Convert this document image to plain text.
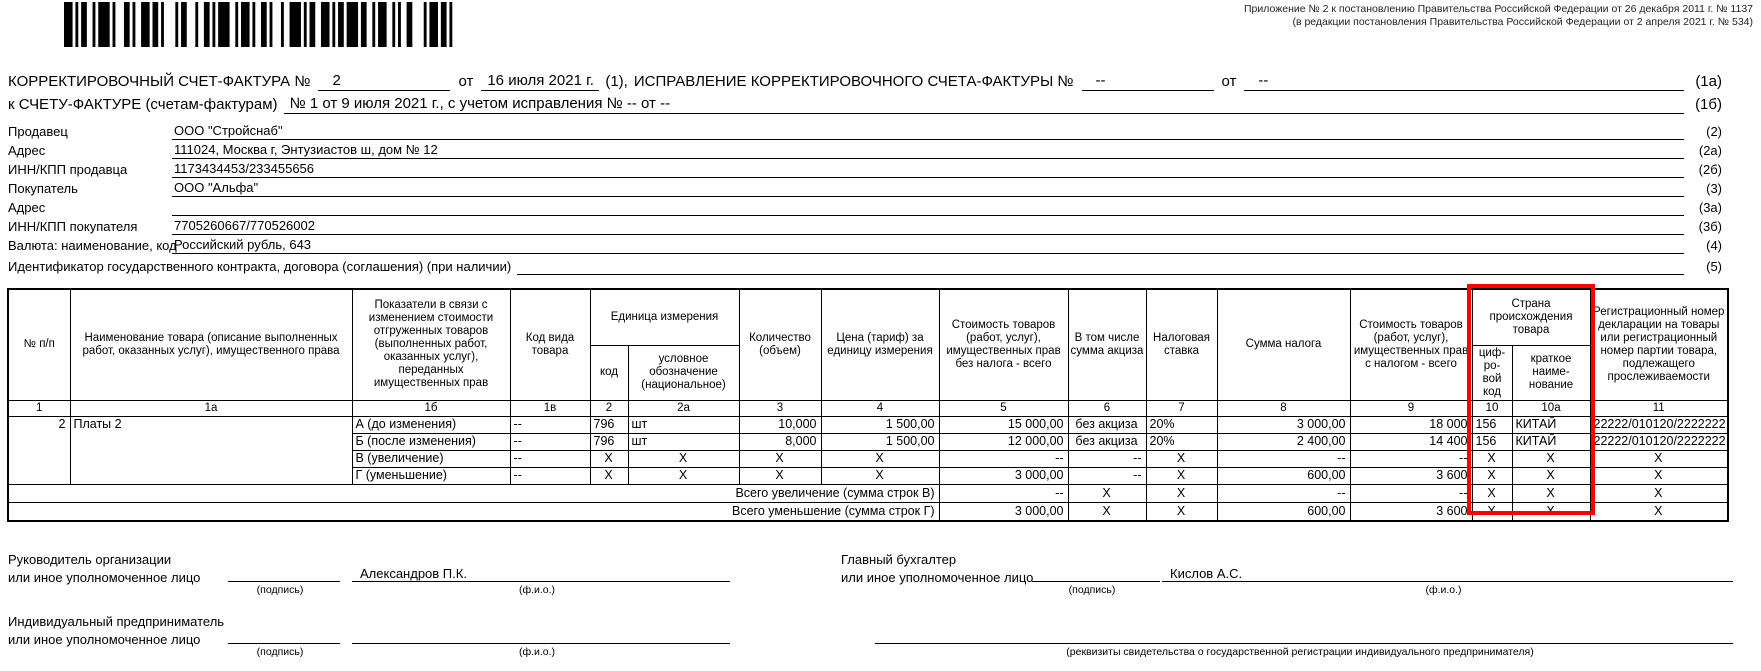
Приложение № 2 к постановлению Правительства Российской Федерации от 26 декабря 2011 г. № 1137
(в редакции постановления Правительства Российской Федерации от 2 апреля 2021 г. № 534)
КОРРЕКТИРОВОЧНЫЙ СЧЕТ-ФАКТУРА №	2	от 16 июля 2021 г. (1), ИСПРАВЛЕНИЕ КОРРЕКТИРОВОЧНОГО СЧЕТА-ФАКТУРЫ №	--	от	--	(1а)
к СЧЕТУ-ФАКТУРЕ (счетам-фактурам) № 1 от 9 июля 2021 г., с учетом исправления № -- от --	(1б)
Продавец	ООО "Стройснаб"	(2)
Адрес	111024, Москва г, Энтузиастов ш, дом № 12	(2а)
ИНН/КПП продавца	1173434453/233455656	(2б)
Покупатель	ООО "Альфа"	(3)
Адрес	(3а)
ИНН/КПП покупателя	7705260667/770526002	(3б)
Валюта: наименование, код
Российский рубль, 643	(4)
Идентификатор государственного контракта, договора (соглашения) (при наличии)	(5)
№ п/п	Наименование товара (описание выполненных работ, оказанных услуг), имущественного права	Показатели в связи с изменением стоимости отгруженных товаров (выполненных работ, оказанных услуг), переданных имущественных прав	Код вида товара	Единица измерения		Количество (объем)	Цена (тариф) за единицу измерения	Стоимость товаров (работ, услуг), имущественных прав без налога - всего	В том числе сумма акциза	Налоговая ставка	Сумма налога	Стоимость товаров (работ, услуг), имущественных прав с налогом - всего	Страна происхождения товара		Регистрационный номер декларации на товары или регистрационный номер партии товара, подлежащего прослеживаемости
				код	условное обозначение (национальное)								циф-ро-вой код	краткое наиме-нование	
1	1а	1б	1в	2	2а	3	4	5	6	7	8	9	10	10а	11
2	Платы 2	А (до изменения)	--	796	шт	10,000	1 500,00	15 000,00	без акциза	20%	3 000,00	18 000	156	КИТАЙ	22222/010120/2222222
		Б (после изменения)	--	796	шт	8,000	1 500,00	12 000,00	без акциза	20%	2 400,00	14 400	156	КИТАЙ	22222/010120/2222222
		В (увеличение)	--	X	X	X	X	--	--	X	--	--	X	X	X
		Г (уменьшение)	--	X	X	X	X	3 000,00	--	X	600,00	3 600	X	X	X
Всего увеличение (сумма строк В)								--	X	X	--	--	X	X	X
Всего уменьшение (сумма строк Г)								3 000,00	X	X	600,00	3 600	X	X	X
Руководитель организации
или иное уполномоченное лицо
(подпись)
Александров П.К.
(ф.и.о.)
Главный бухгалтер
или иное уполномоченное лицо
(подпись)
Кислов А.С.
(ф.и.о.)
Индивидуальный предприниматель
или иное уполномоченное лицо
(подпись)	(ф.и.о.)	(реквизиты свидетельства о государственной регистрации индивидуального предпринимателя)
